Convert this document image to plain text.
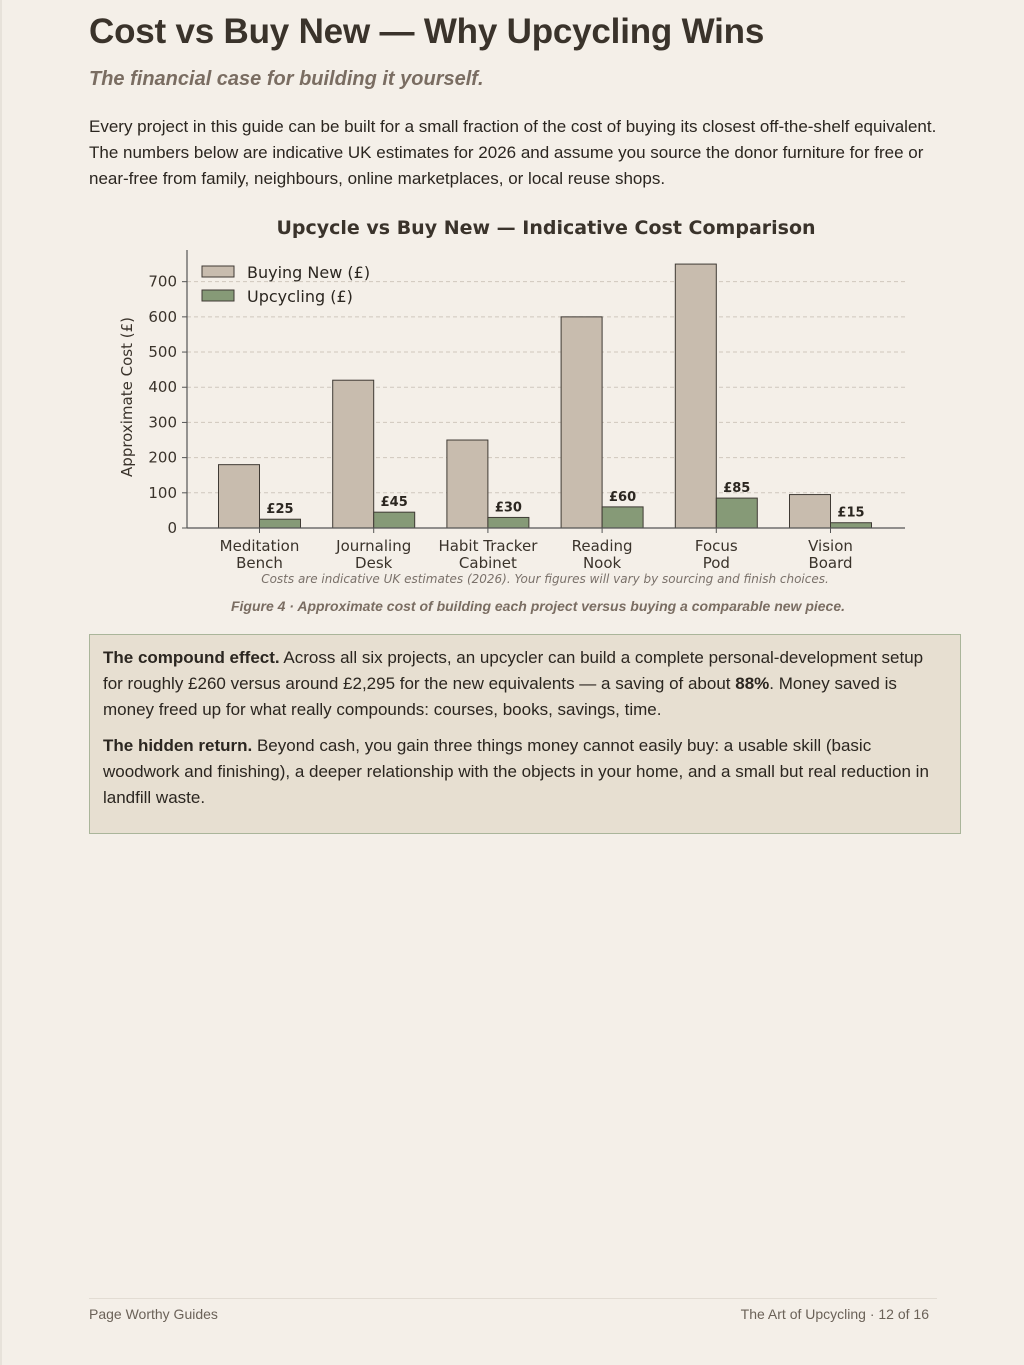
Cost vs Buy New — Why Upcycling Wins
The financial case for building it yourself.

Every project in this guide can be built for a small fraction of the cost of buying its closest off-the-shelf equivalent. The numbers below are indicative UK estimates for 2026 and assume you source the donor furniture for free or near-free from family, neighbours, online marketplaces, or local reuse shops.

Upcycle vs Buy New — Indicative Cost Comparison
0
100
200
300
400
500
600
700
Approximate Cost (£)
£25
Meditation
Bench
£45
Journaling
Desk
£30
Habit Tracker
Cabinet
£60
Reading
Nook
£85
Focus
Pod
£15
Vision
Board
Buying New (£)
Upcycling (£)
Costs are indicative UK estimates (2026). Your figures will vary by sourcing and finish choices.

Figure 4 · Approximate cost of building each project versus buying a comparable new piece.

The compound effect. Across all six projects, an upcycler can build a complete personal-development setup for roughly £260 versus around £2,295 for the new equivalents — a saving of about 88%. Money saved is money freed up for what really compounds: courses, books, savings, time.

The hidden return. Beyond cash, you gain three things money cannot easily buy: a usable skill (basic woodwork and finishing), a deeper relationship with the objects in your home, and a small but real reduction in landfill waste.

Page Worthy Guides	The Art of Upcycling · 12 of 16
